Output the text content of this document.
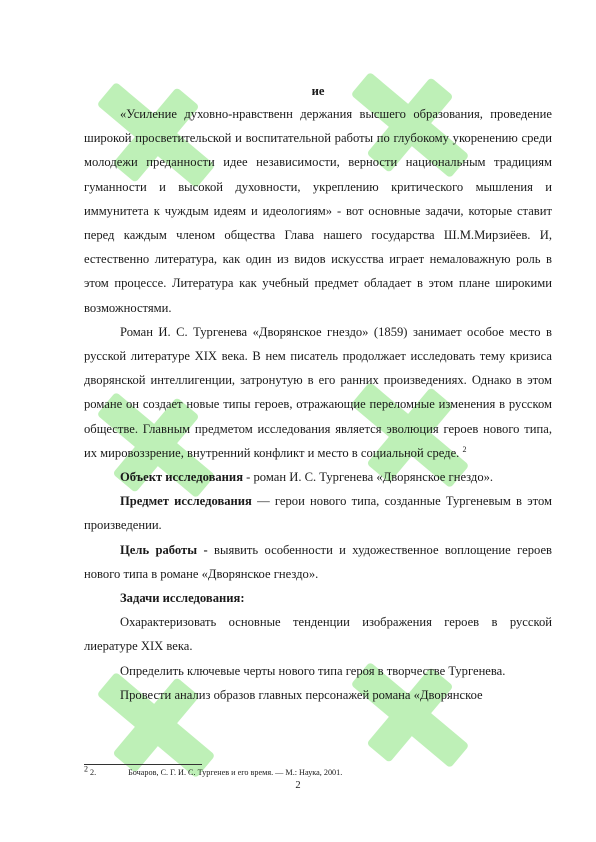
ие

«Усиление духовно-нравственн держания высшего образования, проведение широкой просветительской и воспитательной работы по глубокому укоренению среди молодежи преданности идее независимости, верности национальным традициям гуманности и высокой духовности, укреплению критического мышления и иммунитета к чуждым идеям и идеологиям» - вот основные задачи, которые ставит перед каждым членом общества Глава нашего государства Ш.М.Мирзиёев. И, естественно литература, как один из видов искусства играет немаловажную роль в этом процессе. Литература как учебный предмет обладает в этом плане широкими возможностями.

Роман И. С. Тургенева «Дворянское гнездо» (1859) занимает особое место в русской литературе XIX века. В нем писатель продолжает исследовать тему кризиса дворянской интеллигенции, затронутую в его ранних произведениях. Однако в этом романе он создает новые типы героев, отражающие переломные изменения в русском обществе. Главным предметом исследования является эволюция героев нового типа, их мировоззрение, внутренний конфликт и место в социальной среде. $^2$

Объект исследования - роман И. С. Тургенева «Дворянское гнездо».

Предмет исследования — герои нового типа, созданные Тургеневым в этом произведении.

Цель работы - выявить особенности и художественное воплощение героев нового типа в романе «Дворянское гнездо».

Задачи исследования:

Охарактеризовать основные тенденции изображения героев в русской лиературе XIX века.

Определить ключевые черты нового типа героя в творчестве Тургенева.

Провести анализ образов главных персонажей романа «Дворянское

$^2$ 2.	Бочаров, С. Г. И. С. Тургенев и его время. — М.: Наука, 2001.
2
